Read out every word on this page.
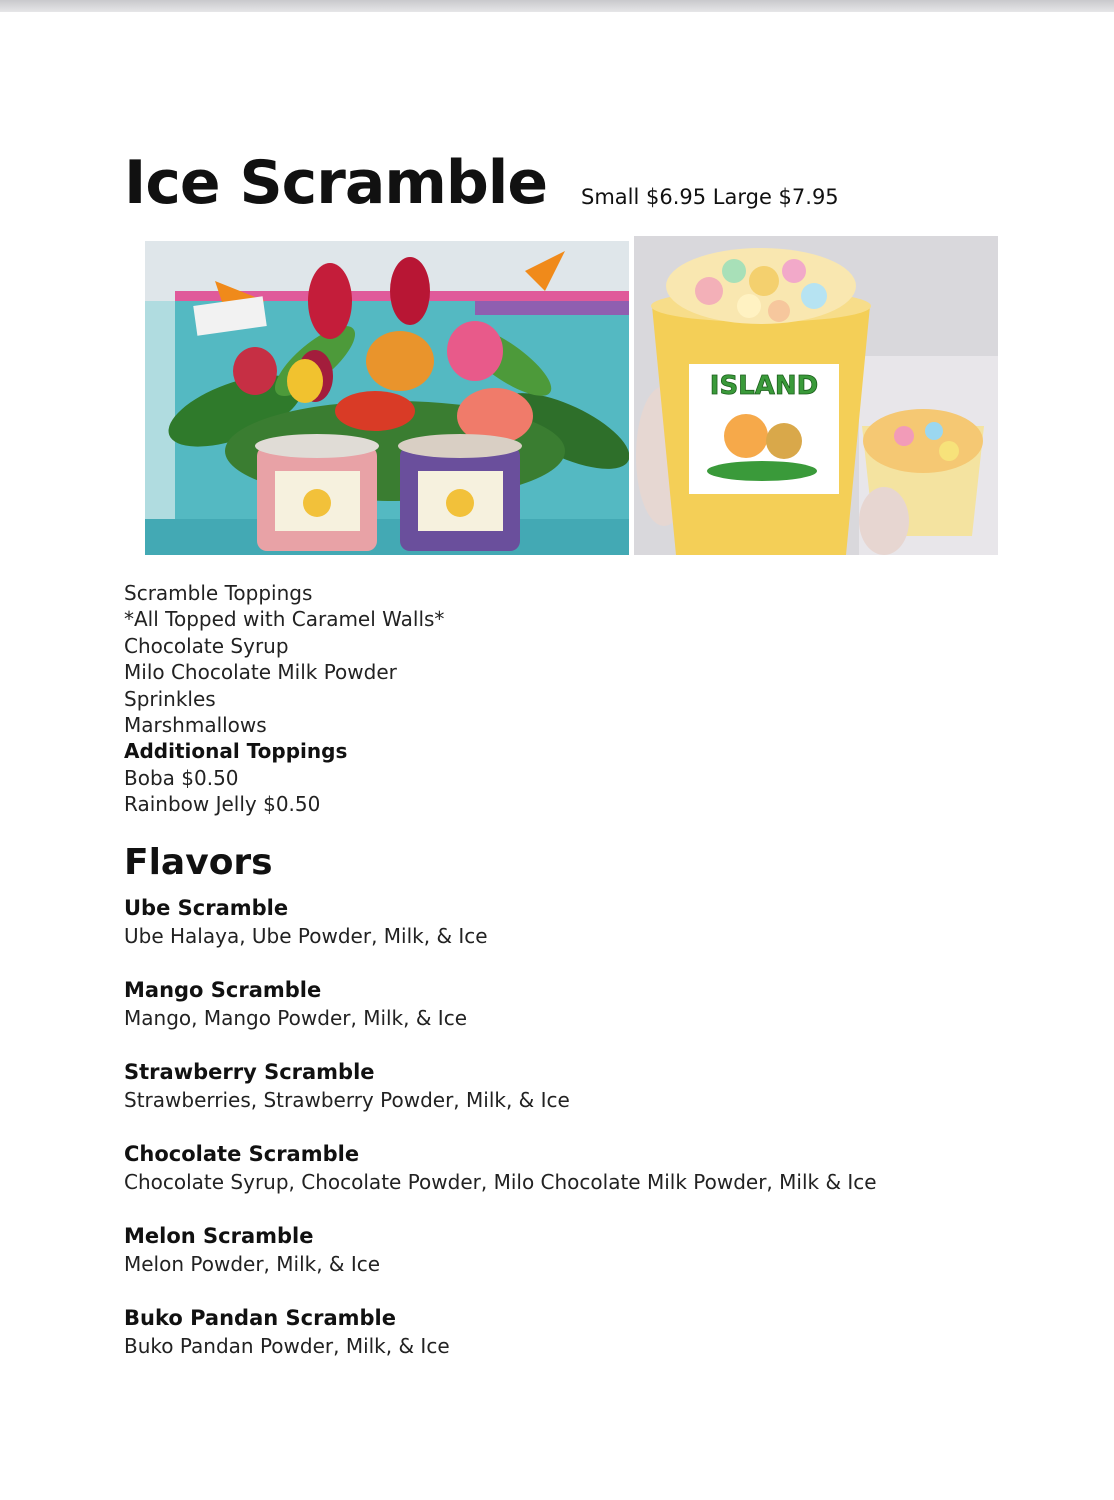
Ice Scramble Small $6.95 Large $7.95
ISLAND
Scramble Toppings
*All Topped with Caramel Walls*
Chocolate Syrup
Milo Chocolate Milk Powder
Sprinkles
Marshmallows
Additional Toppings
Boba $0.50
Rainbow Jelly $0.50
Flavors
Ube Scramble
Ube Halaya, Ube Powder, Milk, & Ice
Mango Scramble
Mango, Mango Powder, Milk, & Ice
Strawberry Scramble
Strawberries, Strawberry Powder, Milk, & Ice
Chocolate Scramble
Chocolate Syrup, Chocolate Powder, Milo Chocolate Milk Powder, Milk & Ice
Melon Scramble
Melon Powder, Milk, & Ice
Buko Pandan Scramble
Buko Pandan Powder, Milk, & Ice
